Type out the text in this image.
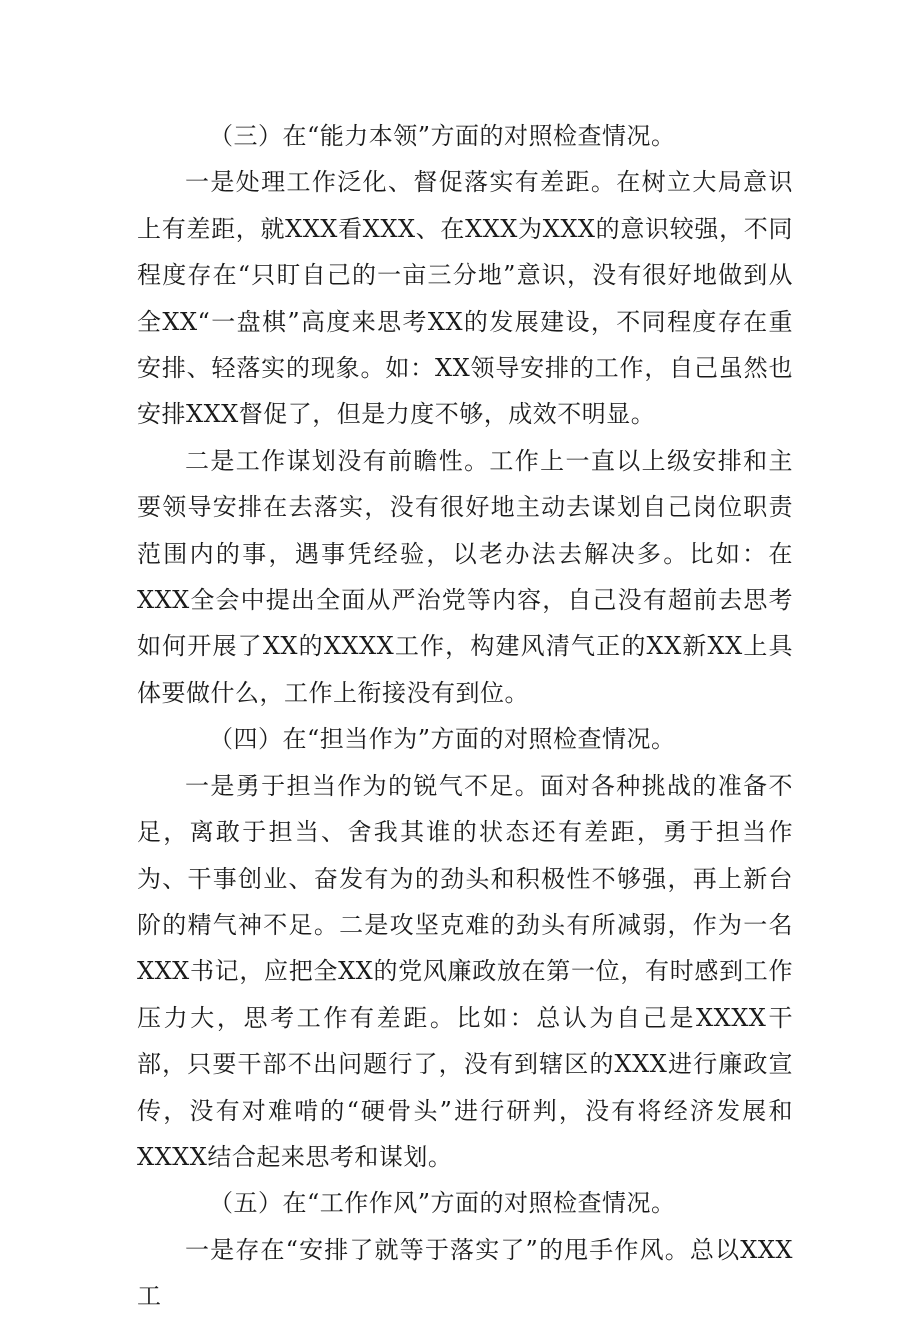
（三）在“能力本领”方面的对照检查情况。

一是处理工作泛化、督促落实有差距。在树立大局意识上有差距，就XXX看XXX、在XXX为XXX的意识较强，不同程度存在“只盯自己的一亩三分地”意识，没有很好地做到从全XX“一盘棋”高度来思考XX的发展建设，不同程度存在重安排、轻落实的现象。如：XX领导安排的工作，自己虽然也安排XXX督促了，但是力度不够，成效不明显。

二是工作谋划没有前瞻性。工作上一直以上级安排和主要领导安排在去落实，没有很好地主动去谋划自己岗位职责范围内的事，遇事凭经验，以老办法去解决多。比如：在XXX全会中提出全面从严治党等内容，自己没有超前去思考如何开展了XX的XXXX工作，构建风清气正的XX新XX上具体要做什么，工作上衔接没有到位。

（四）在“担当作为”方面的对照检查情况。

一是勇于担当作为的锐气不足。面对各种挑战的准备不足，离敢于担当、舍我其谁的状态还有差距，勇于担当作为、干事创业、奋发有为的劲头和积极性不够强，再上新台阶的精气神不足。二是攻坚克难的劲头有所减弱，作为一名XXX书记，应把全XX的党风廉政放在第一位，有时感到工作压力大，思考工作有差距。比如：总认为自己是XXXX干部，只要干部不出问题行了，没有到辖区的XXX进行廉政宣传，没有对难啃的“硬骨头”进行研判，没有将经济发展和XXXX结合起来思考和谋划。

（五）在“工作作风”方面的对照检查情况。

一是存在“安排了就等于落实了”的甩手作风。总以XXX工
